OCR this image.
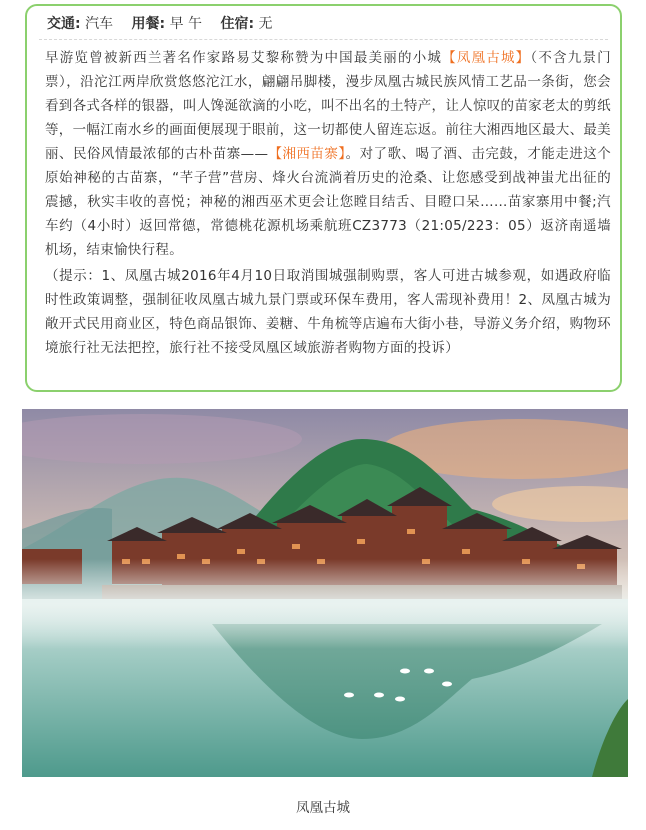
交通: 汽车 用餐: 早 午 住宿: 无

早游览曾被新西兰著名作家路易艾黎称赞为中国最美丽的小城【凤凰古城】（不含九景门票），沿沱江两岸欣赏悠悠沱江水，翩翩吊脚楼，漫步凤凰古城民族风情工艺品一条街，您会看到各式各样的银器，叫人馋涎欲滴的小吃，叫不出名的土特产，让人惊叹的苗家老太的剪纸等，一幅江南水乡的画面便展现于眼前，这一切都使人留连忘返。前往大湘西地区最大、最美丽、民俗风情最浓郁的古朴苗寨——【湘西苗寨】。对了歌、喝了酒、击完鼓，才能走进这个原始神秘的古苗寨，“芊子营”营房、烽火台流淌着历史的沧桑、让您感受到战神蚩尤出征的震撼，秋实丰收的喜悦；神秘的湘西巫术更会让您瞠目结舌、目瞪口呆……苗家寨用中餐;汽车约（4小时）返回常德，常德桃花源机场乘航班CZ3773（21:05/223：05）返济南遥墙机场，结束愉快行程。

（提示：1、凤凰古城2016年4月10日取消围城强制购票，客人可进古城参观，如遇政府临时性政策调整，强制征收凤凰古城九景门票或环保车费用，客人需现补费用！2、凤凰古城为敞开式民用商业区，特色商品银饰、姜糖、牛角梳等店遍布大街小巷，导游义务介绍，购物环境旅行社无法把控，旅行社不接受凤凰区域旅游者购物方面的投诉）

凤凰古城
